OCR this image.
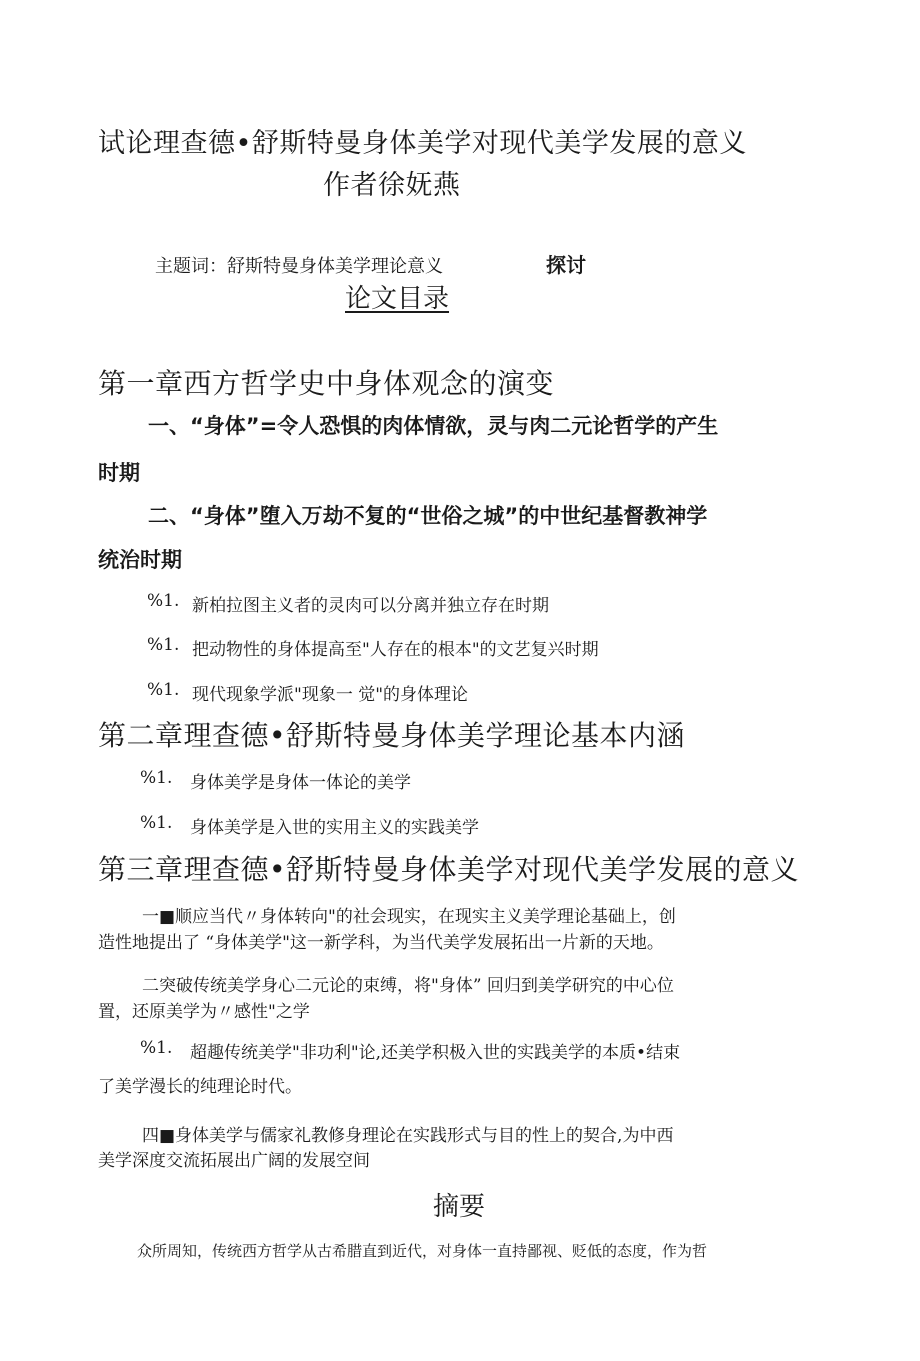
试论理查德•舒斯特曼身体美学对现代美学发展的意义
作者徐妩燕
主题词：舒斯特曼身体美学理论意义	探讨
论文目录
第一章西方哲学史中身体观念的演变
一、“身体”=令人恐惧的肉体情欲，灵与肉二元论哲学的产生
时期
二、“身体”堕入万劫不复的“世俗之城”的中世纪基督教神学
统治时期
%1. 新柏拉图主义者的灵肉可以分离并独立存在时期
%1. 把动物性的身体提高至"人存在的根本"的文艺复兴时期
%1. 现代现象学派"现象一 觉"的身体理论
第二章理查德•舒斯特曼身体美学理论基本内涵
%1. 身体美学是身体一体论的美学
%1. 身体美学是入世的实用主义的实践美学
第三章理查德•舒斯特曼身体美学对现代美学发展的意义
一■顺应当代〃身体转向"的社会现实，在现实主义美学理论基础上，创
造性地提出了 “身体美学"这一新学科，为当代美学发展拓出一片新的天地。
二突破传统美学身心二元论的束缚，将"身体” 回归到美学研究的中心位
置，还原美学为〃感性"之学
%1. 超趣传统美学"非功利"论,还美学积极入世的实践美学的本质•结束
了美学漫长的纯理论时代。
四■身体美学与儒家礼教修身理论在实践形式与目的性上的契合,为中西
美学深度交流拓展出广阔的发展空间
摘要
众所周知，传统西方哲学从古希腊直到近代，对身体一直持鄙视、贬低的态度，作为哲
